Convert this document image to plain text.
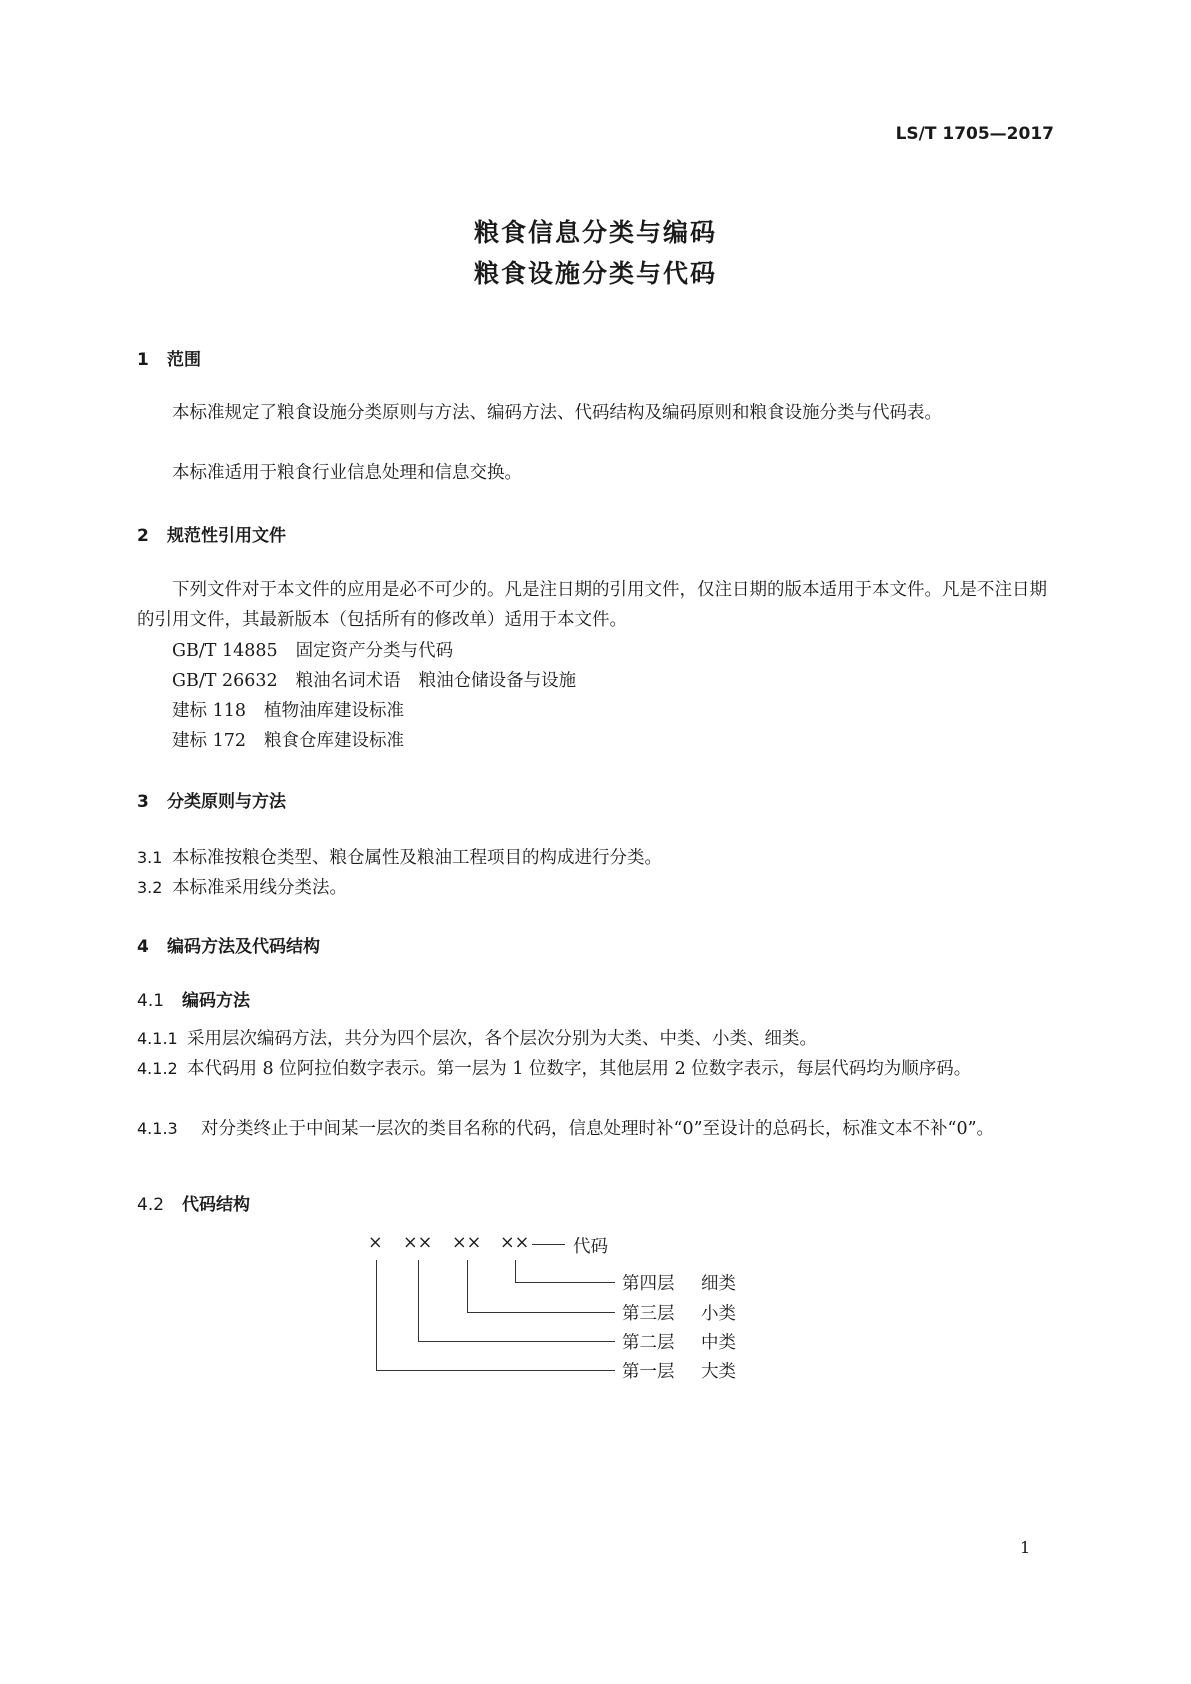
LS/T 1705—2017
粮食信息分类与编码
粮食设施分类与代码
1 范围
本标准规定了粮食设施分类原则与方法、编码方法、代码结构及编码原则和粮食设施分类与代码表。
本标准适用于粮食行业信息处理和信息交换。
2 规范性引用文件
下列文件对于本文件的应用是必不可少的。凡是注日期的引用文件，仅注日期的版本适用于本文件。凡是不注日期的引用文件，其最新版本（包括所有的修改单）适用于本文件。
GB/T 14885 固定资产分类与代码
GB/T 26632 粮油名词术语 粮油仓储设备与设施
建标 118 植物油库建设标准
建标 172 粮食仓库建设标准
3 分类原则与方法
3.1 本标准按粮仓类型、粮仓属性及粮油工程项目的构成进行分类。
3.2 本标准采用线分类法。
4 编码方法及代码结构
4.1 编码方法
4.1.1 采用层次编码方法，共分为四个层次，各个层次分别为大类、中类、小类、细类。
4.1.2 本代码用 8 位阿拉伯数字表示。第一层为 1 位数字，其他层用 2 位数字表示，每层代码均为顺序码。
4.1.3 对分类终止于中间某一层次的类目名称的代码，信息处理时补“0”至设计的总码长，标准文本不补“0”。
4.2 代码结构
× ×× ×× ×× 代码
第四层 细类
第三层 小类
第二层 中类
第一层 大类
1
